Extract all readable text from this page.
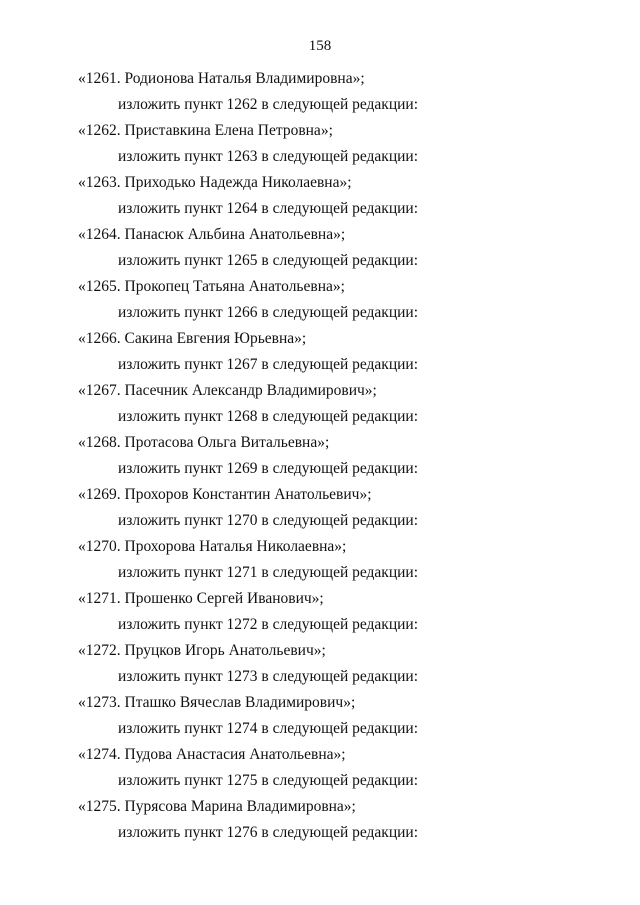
158
«1261. Родионова Наталья Владимировна»;
изложить пункт 1262 в следующей редакции:
«1262. Приставкина Елена Петровна»;
изложить пункт 1263 в следующей редакции:
«1263. Приходько Надежда Николаевна»;
изложить пункт 1264 в следующей редакции:
«1264. Панасюк Альбина Анатольевна»;
изложить пункт 1265 в следующей редакции:
«1265. Прокопец Татьяна Анатольевна»;
изложить пункт 1266 в следующей редакции:
«1266. Сакина Евгения Юрьевна»;
изложить пункт 1267 в следующей редакции:
«1267. Пасечник Александр Владимирович»;
изложить пункт 1268 в следующей редакции:
«1268. Протасова Ольга Витальевна»;
изложить пункт 1269 в следующей редакции:
«1269. Прохоров Константин Анатольевич»;
изложить пункт 1270 в следующей редакции:
«1270. Прохорова Наталья Николаевна»;
изложить пункт 1271 в следующей редакции:
«1271. Прошенко Сергей Иванович»;
изложить пункт 1272 в следующей редакции:
«1272. Пруцков Игорь Анатольевич»;
изложить пункт 1273 в следующей редакции:
«1273. Пташко Вячеслав Владимирович»;
изложить пункт 1274 в следующей редакции:
«1274. Пудова Анастасия Анатольевна»;
изложить пункт 1275 в следующей редакции:
«1275. Пурясова Марина Владимировна»;
изложить пункт 1276 в следующей редакции:
